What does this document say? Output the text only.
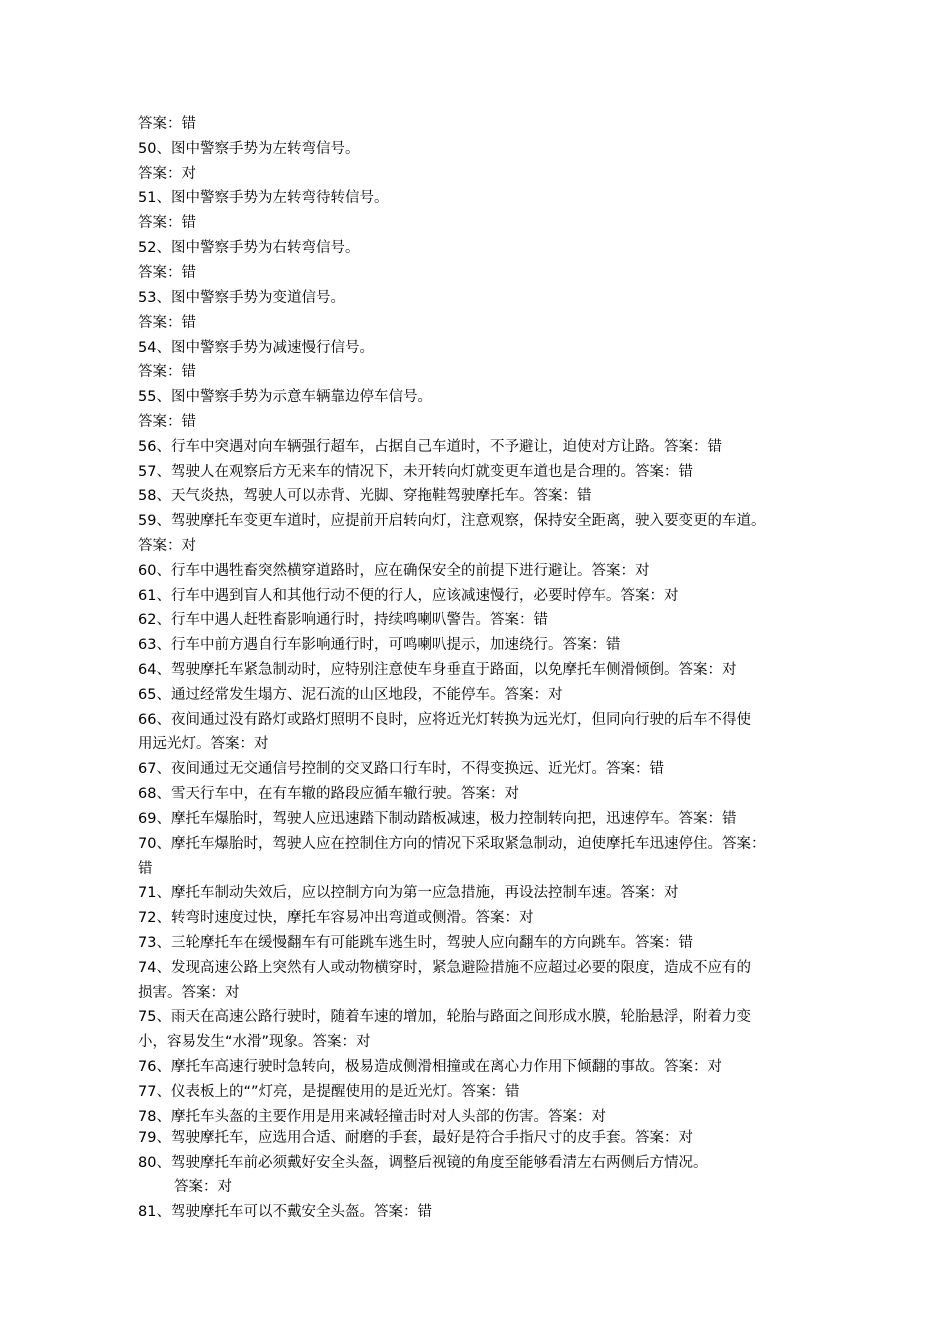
答案：错
50、图中警察手势为左转弯信号。
答案：对
51、图中警察手势为左转弯待转信号。
答案：错
52、图中警察手势为右转弯信号。
答案：错
53、图中警察手势为变道信号。
答案：错
54、图中警察手势为减速慢行信号。
答案：错
55、图中警察手势为示意车辆靠边停车信号。
答案：错
56、行车中突遇对向车辆强行超车，占据自己车道时，不予避让，迫使对方让路。答案：错
57、驾驶人在观察后方无来车的情况下，未开转向灯就变更车道也是合理的。答案：错
58、天气炎热，驾驶人可以赤背、光脚、穿拖鞋驾驶摩托车。答案：错
59、驾驶摩托车变更车道时，应提前开启转向灯，注意观察，保持安全距离，驶入要变更的车道。
答案：对
60、行车中遇牲畜突然横穿道路时，应在确保安全的前提下进行避让。答案：对
61、行车中遇到盲人和其他行动不便的行人，应该减速慢行，必要时停车。答案：对
62、行车中遇人赶牲畜影响通行时，持续鸣喇叭警告。答案：错
63、行车中前方遇自行车影响通行时，可鸣喇叭提示，加速绕行。答案：错
64、驾驶摩托车紧急制动时，应特别注意使车身垂直于路面，以免摩托车侧滑倾倒。答案：对
65、通过经常发生塌方、泥石流的山区地段，不能停车。答案：对
66、夜间通过没有路灯或路灯照明不良时，应将近光灯转换为远光灯，但同向行驶的后车不得使
用远光灯。答案：对
67、夜间通过无交通信号控制的交叉路口行车时，不得变换远、近光灯。答案：错
68、雪天行车中，在有车辙的路段应循车辙行驶。答案：对
69、摩托车爆胎时，驾驶人应迅速踏下制动踏板减速，极力控制转向把，迅速停车。答案：错
70、摩托车爆胎时，驾驶人应在控制住方向的情况下采取紧急制动，迫使摩托车迅速停住。答案：
错
71、摩托车制动失效后，应以控制方向为第一应急措施，再设法控制车速。答案：对
72、转弯时速度过快，摩托车容易冲出弯道或侧滑。答案：对
73、三轮摩托车在缓慢翻车有可能跳车逃生时，驾驶人应向翻车的方向跳车。答案：错
74、发现高速公路上突然有人或动物横穿时，紧急避险措施不应超过必要的限度，造成不应有的
损害。答案：对
75、雨天在高速公路行驶时，随着车速的增加，轮胎与路面之间形成水膜，轮胎悬浮，附着力变
小，容易发生“水滑”现象。答案：对
76、摩托车高速行驶时急转向，极易造成侧滑相撞或在离心力作用下倾翻的事故。答案：对
77、仪表板上的“”灯亮，是提醒使用的是近光灯。答案：错
78、摩托车头盔的主要作用是用来减轻撞击时对人头部的伤害。答案：对
79、驾驶摩托车，应选用合适、耐磨的手套，最好是符合手指尺寸的皮手套。答案：对
80、驾驶摩托车前必须戴好安全头盔，调整后视镜的角度至能够看清左右两侧后方情况。
答案：对
81、驾驶摩托车可以不戴安全头盔。答案：错
